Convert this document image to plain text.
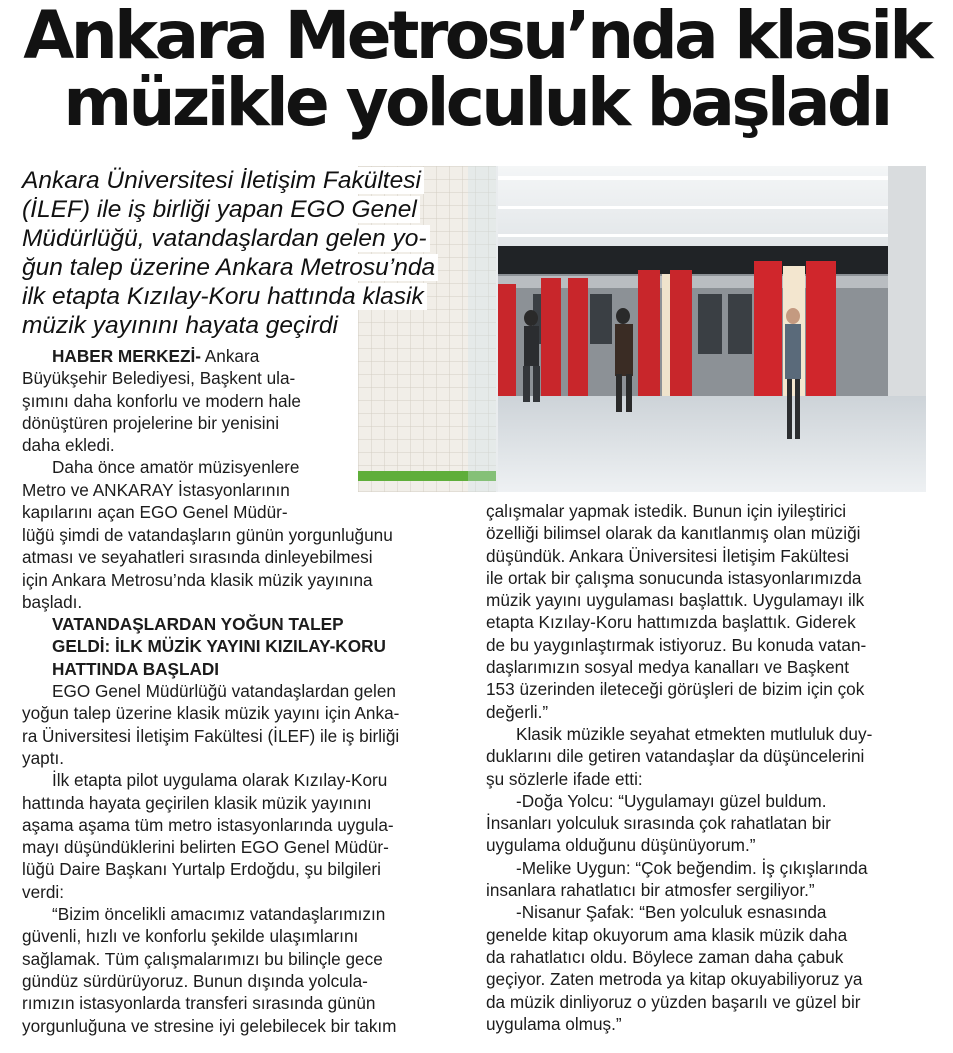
Ankara Metrosu’nda klasik
müzikle yolculuk başladı
Ankara Üniversitesi İletişim Fakültesi
(İLEF) ile iş birliği yapan EGO Genel
Müdürlüğü, vatandaşlardan gelen yo-
ğun talep üzerine Ankara Metrosu’nda
ilk etapta Kızılay-Koru hattında klasik
müzik yayınını hayata geçirdi

HABER MERKEZİ- Ankara

Büyükşehir Belediyesi, Başkent ula-
şımını daha konforlu ve modern hale
dönüştüren projelerine bir yenisini
daha ekledi.
Daha önce amatör müzisyenlere
Metro ve ANKARAY İstasyonlarının
kapılarını açan EGO Genel Müdür-
lüğü şimdi de vatandaşların günün yorgunluğunu
atması ve seyahatleri sırasında dinleyebilmesi
için Ankara Metrosu’nda klasik müzik yayınına
başladı.
VATANDAŞLARDAN YOĞUN TALEP
GELDİ: İLK MÜZİK YAYINI KIZILAY-KORU
HATTINDA BAŞLADI
EGO Genel Müdürlüğü vatandaşlardan gelen
yoğun talep üzerine klasik müzik yayını için Anka-
ra Üniversitesi İletişim Fakültesi (İLEF) ile iş birliği
yaptı.
İlk etapta pilot uygulama olarak Kızılay-Koru
hattında hayata geçirilen klasik müzik yayınını
aşama aşama tüm metro istasyonlarında uygula-
mayı düşündüklerini belirten EGO Genel Müdür-
lüğü Daire Başkanı Yurtalp Erdoğdu, şu bilgileri
verdi:
“Bizim öncelikli amacımız vatandaşlarımızın
güvenli, hızlı ve konforlu şekilde ulaşımlarını
sağlamak. Tüm çalışmalarımızı bu bilinçle gece
gündüz sürdürüyoruz. Bunun dışında yolcula-
rımızın istasyonlarda transferi sırasında günün
yorgunluğuna ve stresine iyi gelebilecek bir takım
çalışmalar yapmak istedik. Bunun için iyileştirici
özelliği bilimsel olarak da kanıtlanmış olan müziği
düşündük. Ankara Üniversitesi İletişim Fakültesi
ile ortak bir çalışma sonucunda istasyonlarımızda
müzik yayını uygulaması başlattık. Uygulamayı ilk
etapta Kızılay-Koru hattımızda başlattık. Giderek
de bu yaygınlaştırmak istiyoruz. Bu konuda vatan-
daşlarımızın sosyal medya kanalları ve Başkent
153 üzerinden ileteceği görüşleri de bizim için çok
değerli.”
Klasik müzikle seyahat etmekten mutluluk duy-
duklarını dile getiren vatandaşlar da düşüncelerini
şu sözlerle ifade etti:
-Doğa Yolcu: “Uygulamayı güzel buldum.
İnsanları yolculuk sırasında çok rahatlatan bir
uygulama olduğunu düşünüyorum.”
-Melike Uygun: “Çok beğendim. İş çıkışlarında
insanlara rahatlatıcı bir atmosfer sergiliyor.”
-Nisanur Şafak: “Ben yolculuk esnasında
genelde kitap okuyorum ama klasik müzik daha
da rahatlatıcı oldu. Böylece zaman daha çabuk
geçiyor. Zaten metroda ya kitap okuyabiliyoruz ya
da müzik dinliyoruz o yüzden başarılı ve güzel bir
uygulama olmuş.”
